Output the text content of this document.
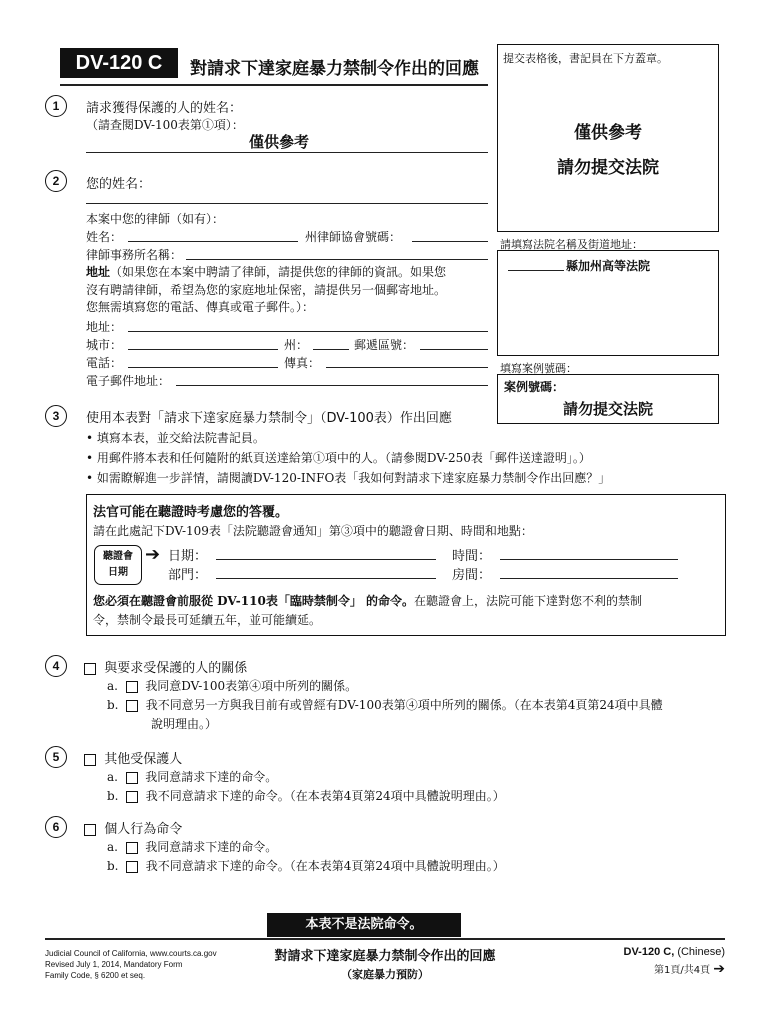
DV-120 C	對請求下達家庭暴力禁制令作出的回應
提交表格後，書記員在下方蓋章。
僅供參考
請勿提交法院
請填寫法院名稱及街道地址：
縣加州高等法院
填寫案例號碼：
案例號碼：
請勿提交法院
1	請求獲得保護的人的姓名：
（請查閱DV-100表第①項）：
僅供參考
2	您的姓名：
本案中您的律師（如有）：
姓名：	州律師協會號碼：
律師事務所名稱：
地址（如果您在本案中聘請了律師，請提供您的律師的資訊。如果您
沒有聘請律師，希望為您的家庭地址保密，請提供另一個郵寄地址。
您無需填寫您的電話、傳真或電子郵件。）：
地址：
城市：	州：	郵遞區號：
電話：	傳真：
電子郵件地址：
3	使用本表對「請求下達家庭暴力禁制令」（DV-100表）作出回應
• 填寫本表，並交給法院書記員。
• 用郵件將本表和任何隨附的紙頁送達給第①項中的人。（請參閱DV-250表「郵件送達證明」。）
• 如需瞭解進一步詳情，請閱讀DV-120-INFO表「我如何對請求下達家庭暴力禁制令作出回應？」
法官可能在聽證時考慮您的答覆。
請在此處記下DV-109表「法院聽證會通知」第③項中的聽證會日期、時間和地點：
聽證會
日期
➔ 日期：	時間：
部門：	房間：
您必須在聽證會前服從 DV-110表「臨時禁制令」 的命令。在聽證會上，法院可能下達對您不利的禁制
令，禁制令最長可延續五年，並可能續延。
4	與要求受保護的人的關係
a. 我同意DV-100表第④項中所列的關係。
b. 我不同意另一方與我目前有或曾經有DV-100表第④項中所列的關係。（在本表第4頁第24項中具體
說明理由。）
5	其他受保護人
a. 我同意請求下達的命令。
b. 我不同意請求下達的命令。（在本表第4頁第24項中具體說明理由。）
6	個人行為命令
a. 我同意請求下達的命令。
b. 我不同意請求下達的命令。（在本表第4頁第24項中具體說明理由。）
本表不是法院命令。
Judicial Council of California, www.courts.ca.gov
Revised July 1, 2014, Mandatory Form
Family Code, § 6200 et seq.
對請求下達家庭暴力禁制令作出的回應
（家庭暴力預防）
DV-120 C, (Chinese)
第1頁/共4頁 ➔
